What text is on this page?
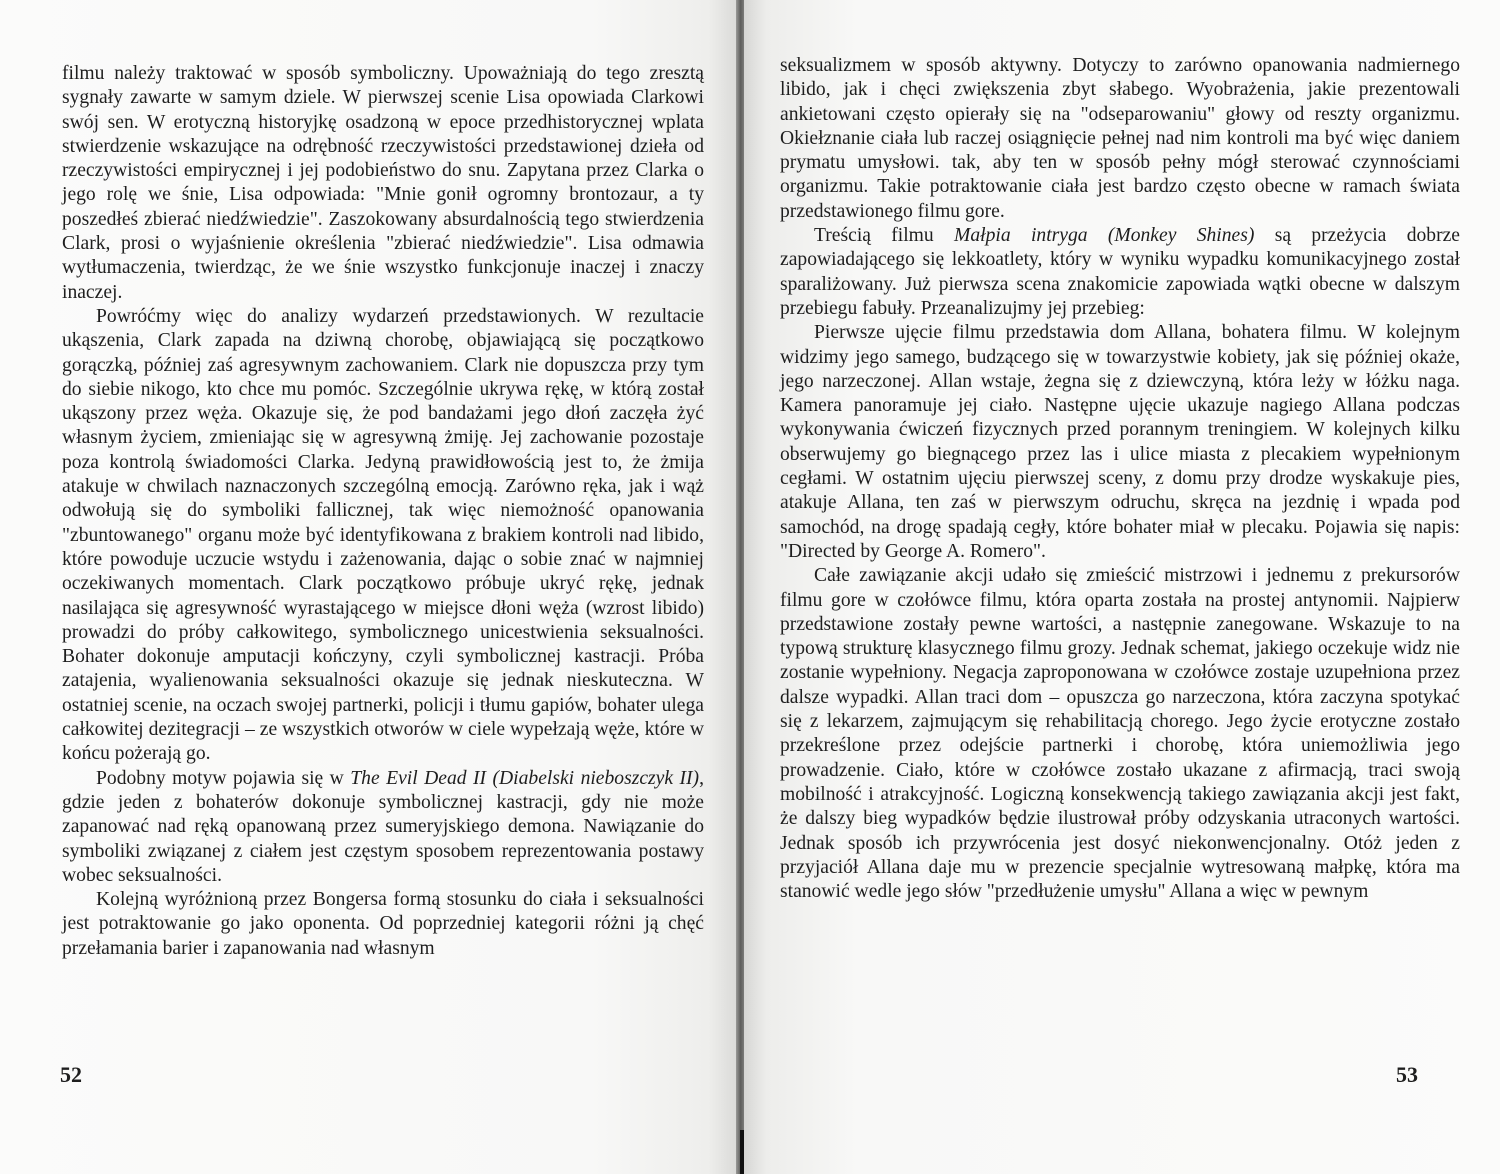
filmu należy traktować w sposób symboliczny. Upoważniają do tego zresztą sygnały zawarte w samym dziele. W pierwszej scenie Lisa opowiada Clarkowi swój sen. W erotyczną historyjkę osadzoną w epoce przedhistorycznej wplata stwierdzenie wskazujące na odrębność rzeczywistości przedstawionej dzieła od rzeczywistości empirycznej i jej podobieństwo do snu. Zapytana przez Clarka o jego rolę we śnie, Lisa odpowiada: "Mnie gonił ogromny brontozaur, a ty poszedłeś zbierać niedźwiedzie". Zaszokowany absurdalnością tego stwierdzenia Clark, prosi o wyjaśnienie określenia "zbierać niedźwiedzie". Lisa odmawia wytłumaczenia, twierdząc, że we śnie wszystko funkcjonuje inaczej i znaczy inaczej.

Powróćmy więc do analizy wydarzeń przedstawionych. W rezultacie ukąszenia, Clark zapada na dziwną chorobę, objawiającą się początkowo gorączką, później zaś agresywnym zachowaniem. Clark nie dopuszcza przy tym do siebie nikogo, kto chce mu pomóc. Szczególnie ukrywa rękę, w którą został ukąszony przez węża. Okazuje się, że pod bandażami jego dłoń zaczęła żyć własnym życiem, zmieniając się w agresywną żmiję. Jej zachowanie pozostaje poza kontrolą świadomości Clarka. Jedyną prawidłowością jest to, że żmija atakuje w chwilach naznaczonych szczególną emocją. Zarówno ręka, jak i wąż odwołują się do symboliki fallicznej, tak więc niemożność opanowania "zbuntowanego" organu może być identyfikowana z brakiem kontroli nad libido, które powoduje uczucie wstydu i zażenowania, dając o sobie znać w najmniej oczekiwanych momentach. Clark początkowo próbuje ukryć rękę, jednak nasilająca się agresywność wyrastającego w miejsce dłoni węża (wzrost libido) prowadzi do próby całkowitego, symbolicznego unicestwienia seksualności. Bohater dokonuje amputacji kończyny, czyli symbolicznej kastracji. Próba zatajenia, wyalienowania seksualności okazuje się jednak nieskuteczna. W ostatniej scenie, na oczach swojej partnerki, policji i tłumu gapiów, bohater ulega całkowitej dezitegracji – ze wszystkich otworów w ciele wypełzają węże, które w końcu pożerają go.

Podobny motyw pojawia się w The Evil Dead II (Diabelski nieboszczyk II), gdzie jeden z bohaterów dokonuje symbolicznej kastracji, gdy nie może zapanować nad ręką opanowaną przez sumeryjskiego demona. Nawiązanie do symboliki związanej z ciałem jest częstym sposobem reprezentowania postawy wobec seksualności.

Kolejną wyróżnioną przez Bongersa formą stosunku do ciała i seksualności jest potraktowanie go jako oponenta. Od poprzedniej kategorii różni ją chęć przełamania barier i zapanowania nad własnym

52

seksualizmem w sposób aktywny. Dotyczy to zarówno opanowania nadmiernego libido, jak i chęci zwiększenia zbyt słabego. Wyobrażenia, jakie prezentowali ankietowani często opierały się na "odseparowaniu" głowy od reszty organizmu. Okiełznanie ciała lub raczej osiągnięcie pełnej nad nim kontroli ma być więc daniem prymatu umysłowi. tak, aby ten w sposób pełny mógł sterować czynnościami organizmu. Takie potraktowanie ciała jest bardzo często obecne w ramach świata przedstawionego filmu gore.

Treścią filmu Małpia intryga (Monkey Shines) są przeżycia dobrze zapowiadającego się lekkoatlety, który w wyniku wypadku komunikacyjnego został sparaliżowany. Już pierwsza scena znakomicie zapowiada wątki obecne w dalszym przebiegu fabuły. Przeanalizujmy jej przebieg:

Pierwsze ujęcie filmu przedstawia dom Allana, bohatera filmu. W kolejnym widzimy jego samego, budzącego się w towarzystwie kobiety, jak się później okaże, jego narzeczonej. Allan wstaje, żegna się z dziewczyną, która leży w łóżku naga. Kamera panoramuje jej ciało. Następne ujęcie ukazuje nagiego Allana podczas wykonywania ćwiczeń fizycznych przed porannym treningiem. W kolejnych kilku obserwujemy go biegnącego przez las i ulice miasta z plecakiem wypełnionym cegłami. W ostatnim ujęciu pierwszej sceny, z domu przy drodze wyskakuje pies, atakuje Allana, ten zaś w pierwszym odruchu, skręca na jezdnię i wpada pod samochód, na drogę spadają cegły, które bohater miał w plecaku. Pojawia się napis: "Directed by George A. Romero".

Całe zawiązanie akcji udało się zmieścić mistrzowi i jednemu z prekursorów filmu gore w czołówce filmu, która oparta została na prostej antynomii. Najpierw przedstawione zostały pewne wartości, a następnie zanegowane. Wskazuje to na typową strukturę klasycznego filmu grozy. Jednak schemat, jakiego oczekuje widz nie zostanie wypełniony. Negacja zaproponowana w czołówce zostaje uzupełniona przez dalsze wypadki. Allan traci dom – opuszcza go narzeczona, która zaczyna spotykać się z lekarzem, zajmującym się rehabilitacją chorego. Jego życie erotyczne zostało przekreślone przez odejście partnerki i chorobę, która uniemożliwia jego prowadzenie. Ciało, które w czołówce zostało ukazane z afirmacją, traci swoją mobilność i atrakcyjność. Logiczną konsekwencją takiego zawiązania akcji jest fakt, że dalszy bieg wypadków będzie ilustrował próby odzyskania utraconych wartości. Jednak sposób ich przywrócenia jest dosyć niekonwencjonalny. Otóż jeden z przyjaciół Allana daje mu w prezencie specjalnie wytresowaną małpkę, która ma stanowić wedle jego słów "przedłużenie umysłu" Allana a więc w pewnym

53
